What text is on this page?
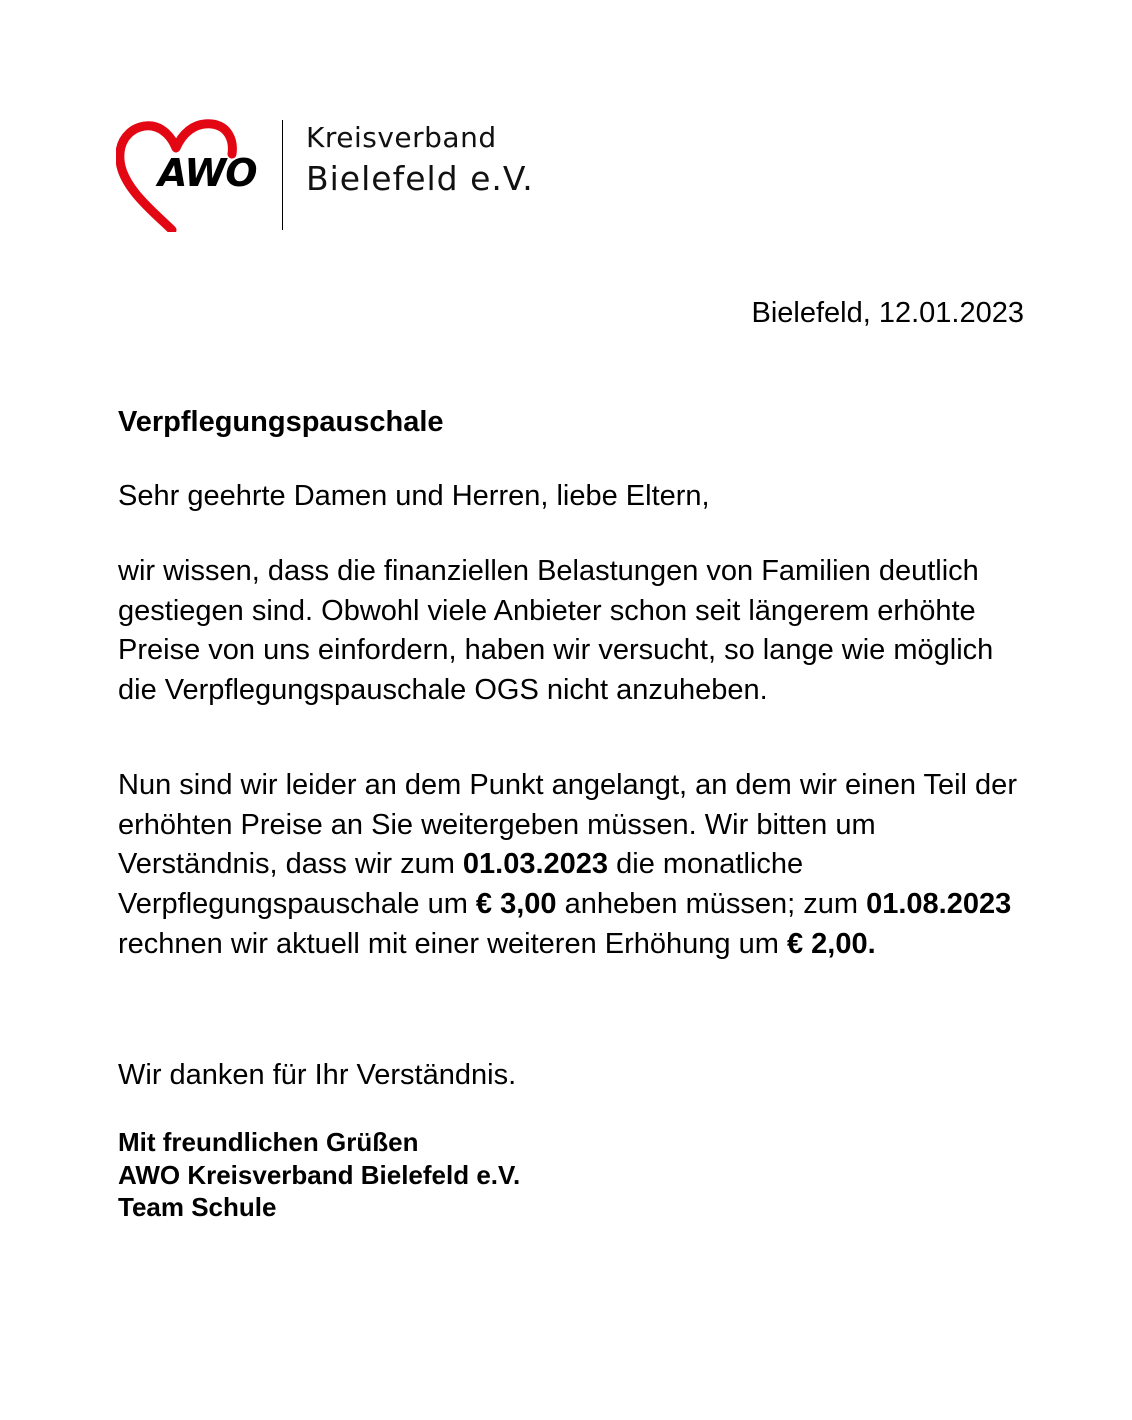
AWO
Kreisverband
Bielefeld e.V.
Bielefeld, 12.01.2023
Verpflegungspauschale
Sehr geehrte Damen und Herren, liebe Eltern,

wir wissen, dass die finanziellen Belastungen von Familien deutlich gestiegen sind. Obwohl viele Anbieter schon seit längerem erhöhte Preise von uns einfordern, haben wir versucht, so lange wie möglich die Verpflegungspauschale OGS nicht anzuheben.

Nun sind wir leider an dem Punkt angelangt, an dem wir einen Teil der erhöhten Preise an Sie weitergeben müssen. Wir bitten um Verständnis, dass wir zum 01.03.2023 die monatliche Verpflegungspauschale um € 3,00 anheben müssen; zum 01.08.2023 rechnen wir aktuell mit einer weiteren Erhöhung um € 2,00.

Wir danken für Ihr Verständnis.
Mit freundlichen Grüßen
AWO Kreisverband Bielefeld e.V.
Team Schule
